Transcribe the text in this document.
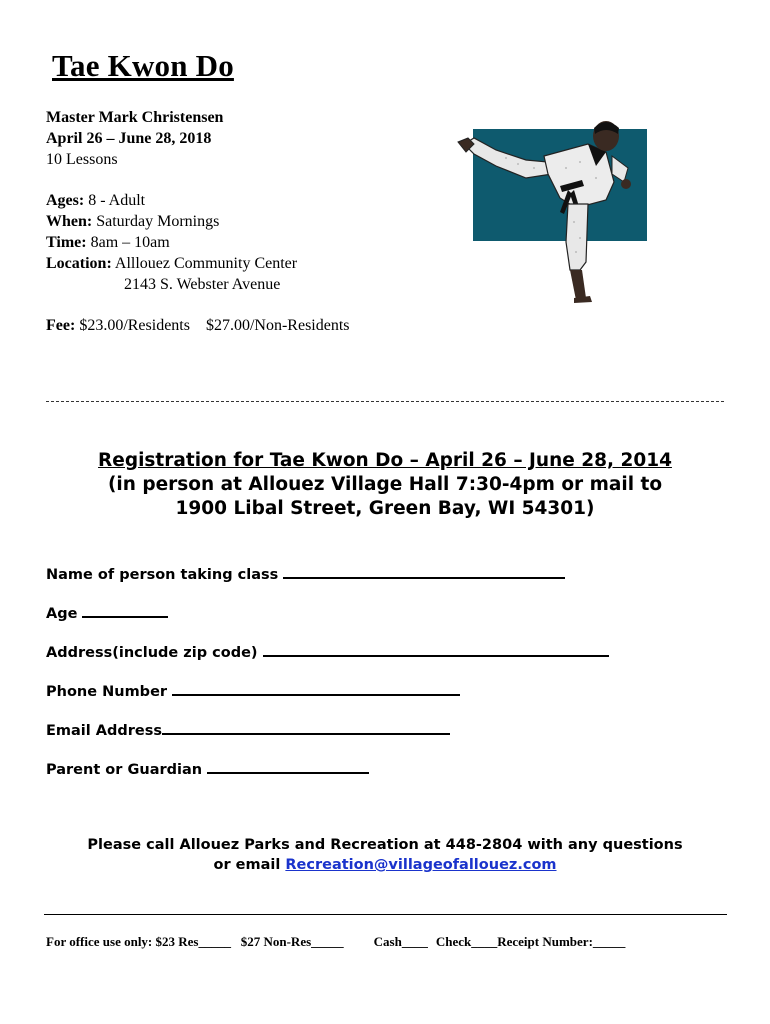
Tae Kwon Do
Master Mark Christensen
April 26 – June 28, 2018
10 Lessons
Ages: 8 - Adult
When: Saturday Mornings
Time: 8am – 10am
Location: Alllouez Community Center
2143 S. Webster Avenue
Fee: $23.00/Residents    $27.00/Non-Residents
Registration for Tae Kwon Do – April 26 – June 28, 2014
(in person at Allouez Village Hall 7:30-4pm or mail to
1900 Libal Street, Green Bay, WI 54301)
Name of person taking class
Age
Address(include zip code)
Phone Number
Email Address
Parent or Guardian
Please call Allouez Parks and Recreation at 448-2804 with any questions
or email Recreation@villageofallouez.com
For office use only: $23 Res_____   $27 Non-Res_____ Cash____ Check____Receipt Number:_____
